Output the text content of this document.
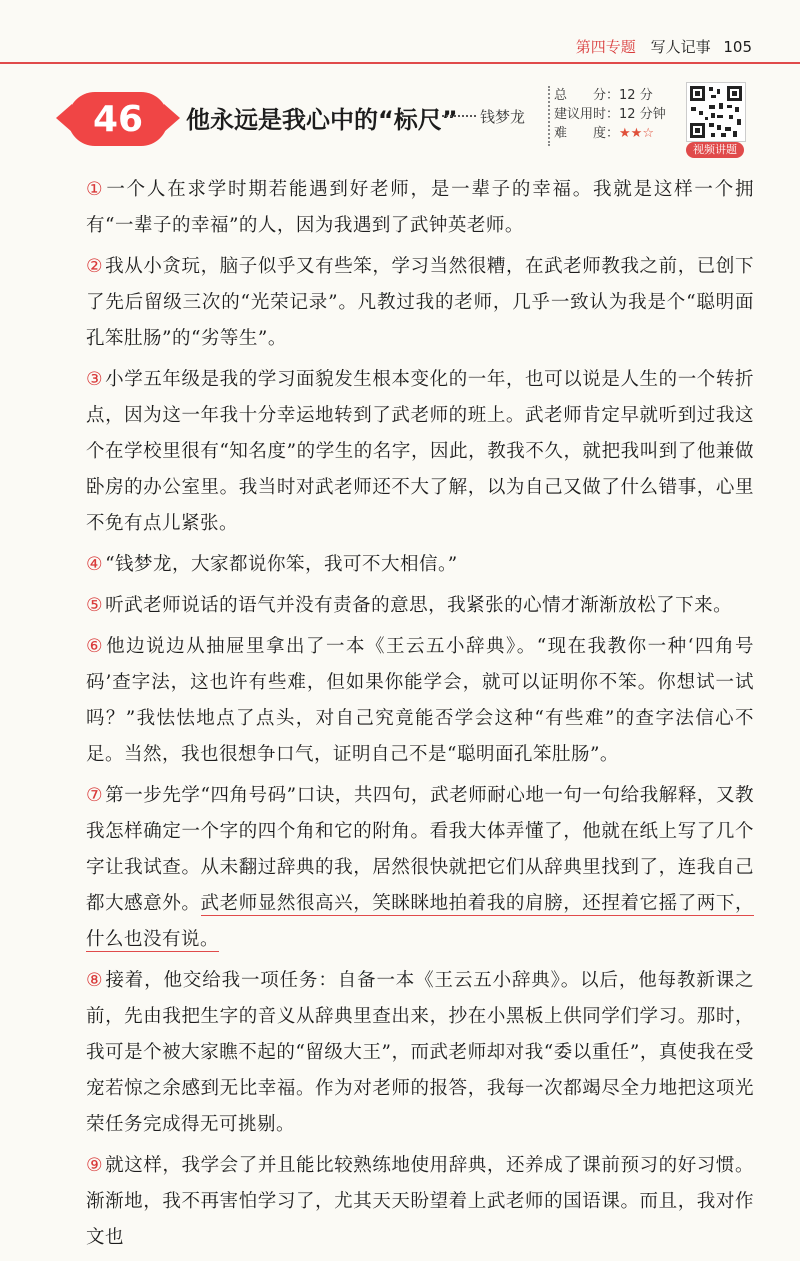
第四专题 写人记事 105
46 他永远是我心中的“标尺” 钱梦龙
总　　分：12 分
建议用时：12 分钟
难　　度：★★☆
视频讲题

① 一个人在求学时期若能遇到好老师，是一辈子的幸福。我就是这样一个拥有“一辈子的幸福”的人，因为我遇到了武钟英老师。

② 我从小贪玩，脑子似乎又有些笨，学习当然很糟，在武老师教我之前，已创下了先后留级三次的“光荣记录”。凡教过我的老师，几乎一致认为我是个“聪明面孔笨肚肠”的“劣等生”。

③ 小学五年级是我的学习面貌发生根本变化的一年，也可以说是人生的一个转折点，因为这一年我十分幸运地转到了武老师的班上。武老师肯定早就听到过我这个在学校里很有“知名度”的学生的名字，因此，教我不久，就把我叫到了他兼做卧房的办公室里。我当时对武老师还不大了解，以为自己又做了什么错事，心里不免有点儿紧张。

④ “钱梦龙，大家都说你笨，我可不大相信。”

⑤ 听武老师说话的语气并没有责备的意思，我紧张的心情才渐渐放松了下来。

⑥ 他边说边从抽屉里拿出了一本《王云五小辞典》。“现在我教你一种‘四角号码’查字法，这也许有些难，但如果你能学会，就可以证明你不笨。你想试一试吗？”我怯怯地点了点头，对自己究竟能否学会这种“有些难”的查字法信心不足。当然，我也很想争口气，证明自己不是“聪明面孔笨肚肠”。

⑦ 第一步先学“四角号码”口诀，共四句，武老师耐心地一句一句给我解释，又教我怎样确定一个字的四个角和它的附角。看我大体弄懂了，他就在纸上写了几个字让我试查。从未翻过辞典的我，居然很快就把它们从辞典里找到了，连我自己都大感意外。武老师显然很高兴，笑眯眯地拍着我的肩膀，还捏着它摇了两下，什么也没有说。

⑧ 接着，他交给我一项任务：自备一本《王云五小辞典》。以后，他每教新课之前，先由我把生字的音义从辞典里查出来，抄在小黑板上供同学们学习。那时，我可是个被大家瞧不起的“留级大王”，而武老师却对我“委以重任”，真使我在受宠若惊之余感到无比幸福。作为对老师的报答，我每一次都竭尽全力地把这项光荣任务完成得无可挑剔。

⑨ 就这样，我学会了并且能比较熟练地使用辞典，还养成了课前预习的好习惯。渐渐地，我不再害怕学习了，尤其天天盼望着上武老师的国语课。而且，我对作文也
